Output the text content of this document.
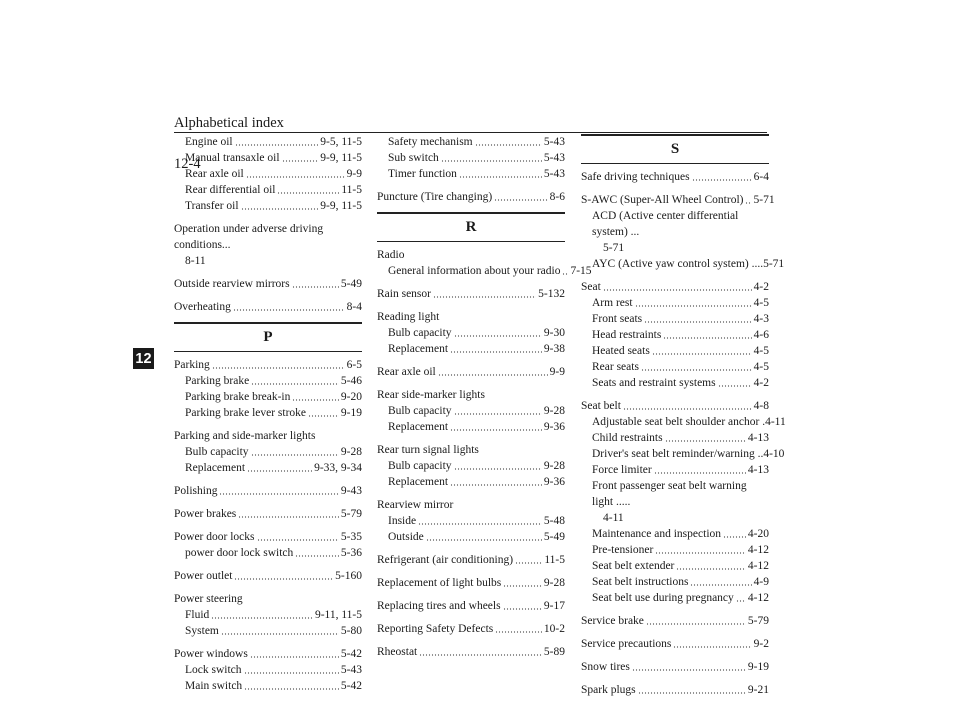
Alphabetical index
12-4
12
Engine oil	9-5, 11-5
Manual transaxle oil	9-9, 11-5
Rear axle oil	9-9
Rear differential oil	11-5
Transfer oil	9-9, 11-5
Operation under adverse driving conditions...
8-11
Outside rearview mirrors	5-49
Overheating	8-4
P
Parking	6-5
Parking brake	5-46
Parking brake break-in	9-20
Parking brake lever stroke	9-19
Parking and side-marker lights
Bulb capacity	9-28
Replacement	9-33, 9-34
Polishing	9-43
Power brakes	5-79
Power door locks	5-35
power door lock switch	5-36
Power outlet	5-160
Power steering
Fluid	9-11, 11-5
System	5-80
Power windows	5-42
Lock switch	5-43
Main switch	5-42
Safety mechanism	5-43
Sub switch	5-43
Timer function	5-43
Puncture (Tire changing)	8-6
R
Radio
General information about your radio 7-15
Rain sensor	5-132
Reading light
Bulb capacity	9-30
Replacement	9-38
Rear axle oil	9-9
Rear side-marker lights
Bulb capacity	9-28
Replacement	9-36
Rear turn signal lights
Bulb capacity	9-28
Replacement	9-36
Rearview mirror
Inside	5-48
Outside	5-49
Refrigerant (air conditioning)	11-5
Replacement of light bulbs	9-28
Replacing tires and wheels	9-17
Reporting Safety Defects	10-2
Rheostat	5-89
S
Safe driving techniques	6-4
S-AWC (Super-All Wheel Control) 5-71
ACD (Active center differential system) ...
5-71
AYC (Active yaw control system) .... 5-71
Seat	4-2
Arm rest	4-5
Front seats	4-3
Head restraints	4-6
Heated seats	4-5
Rear seats	4-5
Seats and restraint systems	4-2
Seat belt	4-8
Adjustable seat belt shoulder anchor . 4-11
Child restraints	4-13
Driver's seat belt reminder/warning .. 4-10
Force limiter	4-13
Front passenger seat belt warning light .....
4-11
Maintenance and inspection 4-20
Pre-tensioner	4-12
Seat belt extender	4-12
Seat belt instructions	4-9
Seat belt use during pregnancy 4-12
Service brake	5-79
Service precautions	9-2
Snow tires	9-19
Spark plugs	9-21
